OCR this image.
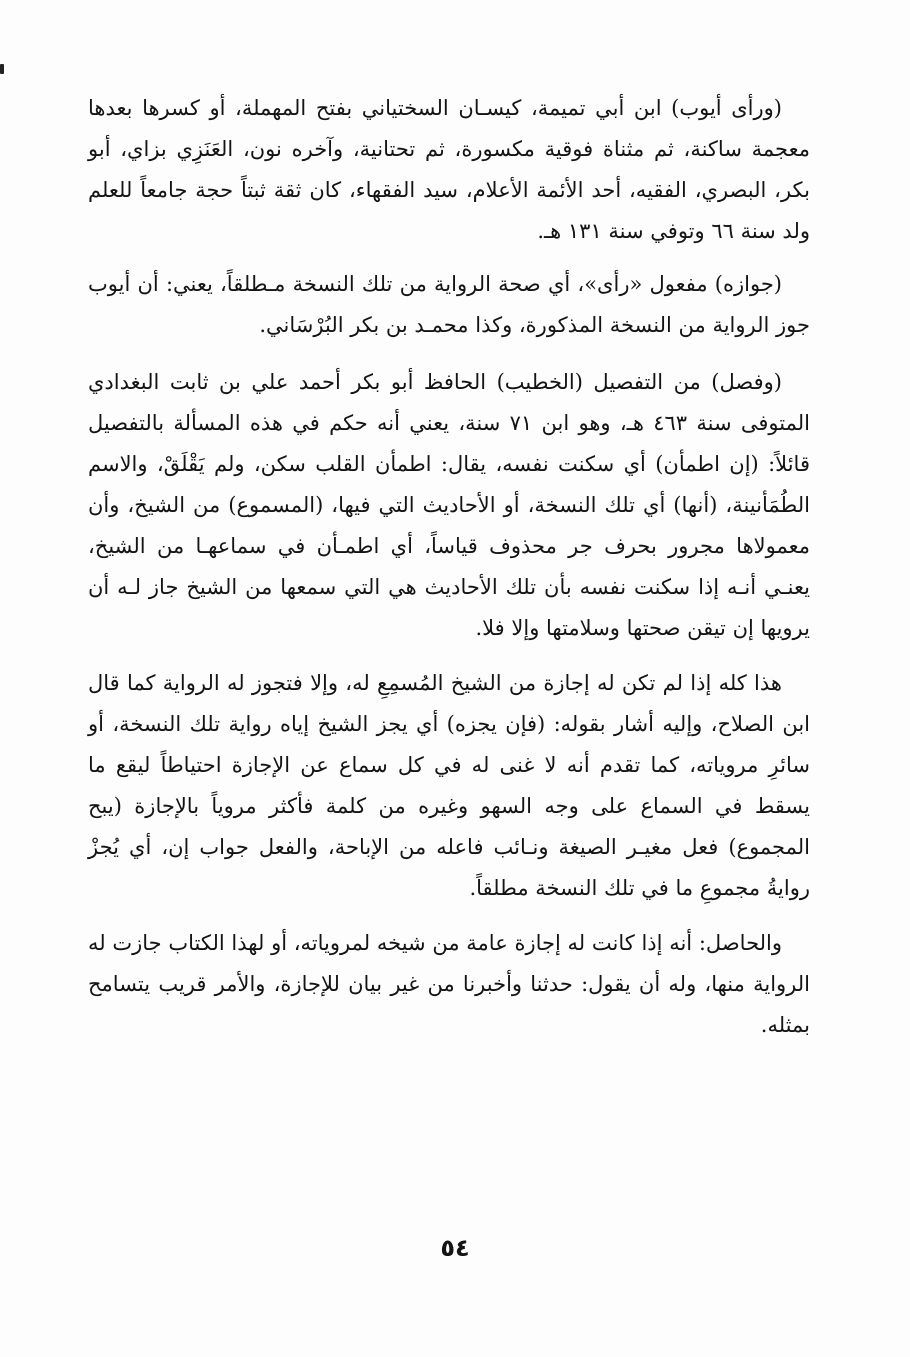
(ورأى أيوب) ابن أبي تميمة، كيسـان السختياني بفتح المهملة، أو كسرها بعدها معجمة ساكنة، ثم مثناة فوقية مكسورة، ثم تحتانية، وآخره نون، العَنَزِي بزاي، أبو بكر، البصري، الفقيه، أحد الأئمة الأعلام، سيد الفقهاء، كان ثقة ثبتاً حجة جامعاً للعلم ولد سنة ٦٦ وتوفي سنة ١٣١ هـ.

(جوازه) مفعول «رأى»، أي صحة الرواية من تلك النسخة مـطلقاً، يعني: أن أيوب جوز الرواية من النسخة المذكورة، وكذا محمـد بن بكر البُرْسَاني.

(وفصل) من التفصيل (الخطيب) الحافظ أبو بكر أحمد علي بن ثابت البغدادي المتوفى سنة ٤٦٣ هـ، وهو ابن ٧١ سنة، يعني أنه حكم في هذه المسألة بالتفصيل قائلاً: (إن اطمأن) أي سكنت نفسه، يقال: اطمأن القلب سكن، ولم يَقْلَقْ، والاسم الطُمَأنينة، (أنها) أي تلك النسخة، أو الأحاديث التي فيها، (المسموع) من الشيخ، وأن معمولاها مجرور بحرف جر محذوف قياساً، أي اطمـأن في سماعهـا من الشيخ، يعنـي أنـه إذا سكنت نفسه بأن تلك الأحاديث هي التي سمعها من الشيخ جاز لـه أن يرويها إن تيقن صحتها وسلامتها وإلا فلا.

هذا كله إذا لم تكن له إجازة من الشيخ المُسمِعِ له، وإلا فتجوز له الرواية كما قال ابن الصلاح، وإليه أشار بقوله: (فإن يجزه) أي يجز الشيخ إياه رواية تلك النسخة، أو سائرِ مروياته، كما تقدم أنه لا غنى له في كل سماع عن الإجازة احتياطاً ليقع ما يسقط في السماع على وجه السهو وغيره من كلمة فأكثر مروياً بالإجازة (يبح المجموع) فعل مغيـر الصيغة ونـائب فاعله من الإباحة، والفعل جواب إن، أي يُجزْ روايةُ مجموعِ ما في تلك النسخة مطلقاً.

والحاصل: أنه إذا كانت له إجازة عامة من شيخه لمروياته، أو لهذا الكتاب جازت له الرواية منها، وله أن يقول: حدثنا وأخبرنا من غير بيان للإجازة، والأمر قريب يتسامح بمثله.

٥٤
